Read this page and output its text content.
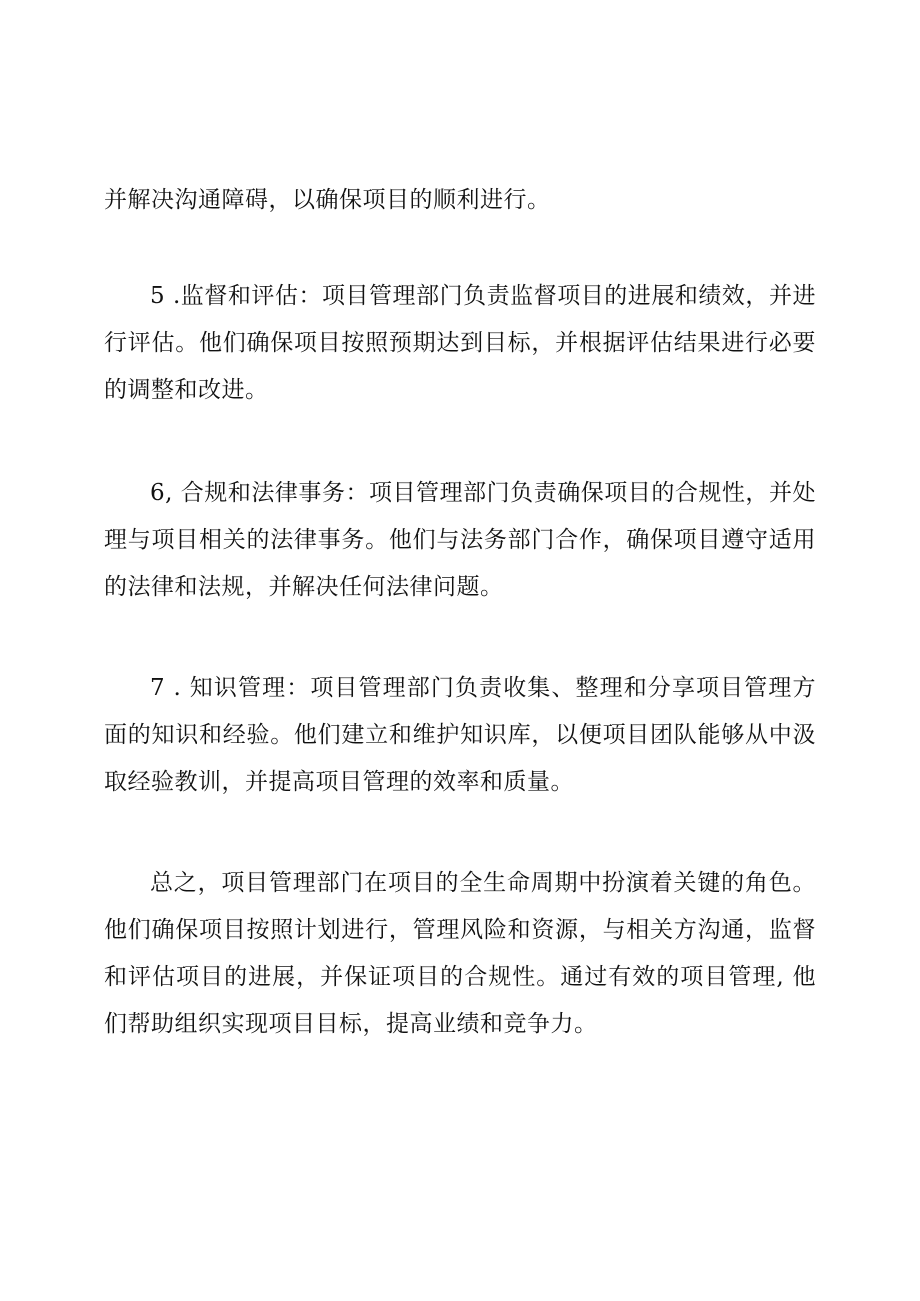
并解决沟通障碍，以确保项目的顺利进行。

5 .监督和评估：项目管理部门负责监督项目的进展和绩效，并进行评估。他们确保项目按照预期达到目标，并根据评估结果进行必要的调整和改进。

6, 合规和法律事务：项目管理部门负责确保项目的合规性，并处理与项目相关的法律事务。他们与法务部门合作，确保项目遵守适用的法律和法规，并解决任何法律问题。

7 . 知识管理：项目管理部门负责收集、整理和分享项目管理方面的知识和经验。他们建立和维护知识库，以便项目团队能够从中汲取经验教训，并提高项目管理的效率和质量。

总之，项目管理部门在项目的全生命周期中扮演着关键的角色。他们确保项目按照计划进行，管理风险和资源，与相关方沟通，监督和评估项目的进展，并保证项目的合规性。通过有效的项目管理, 他们帮助组织实现项目目标，提高业绩和竞争力。
